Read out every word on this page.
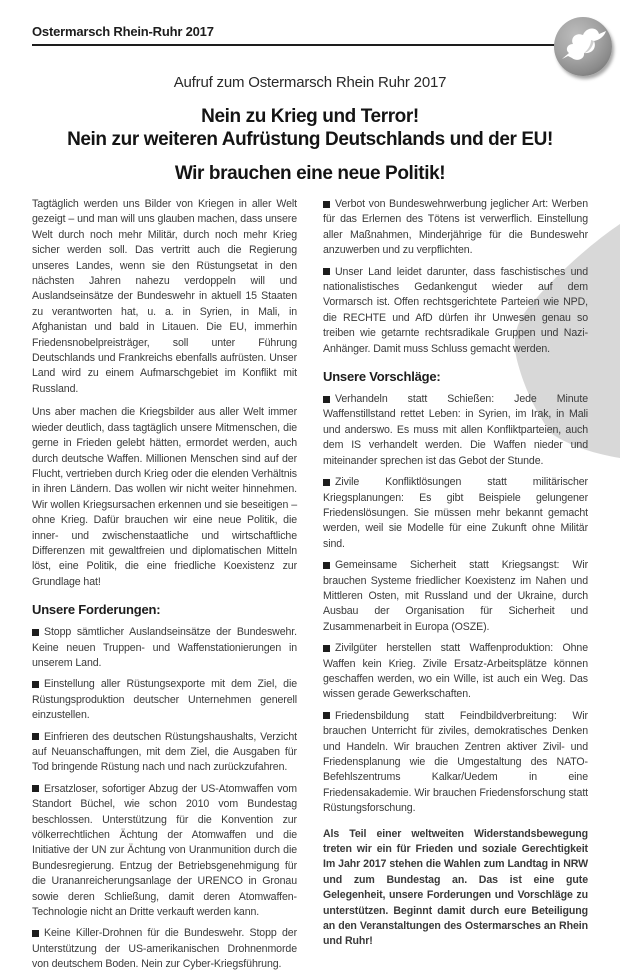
Ostermarsch Rhein-Ruhr 2017
Aufruf zum Ostermarsch Rhein Ruhr 2017
Nein zu Krieg und Terror!
Nein zur weiteren Aufrüstung Deutschlands und der EU!
Wir brauchen eine neue Politik!

Tagtäglich werden uns Bilder von Kriegen in aller Welt gezeigt – und man will uns glauben machen, dass unsere Welt durch noch mehr Militär, durch noch mehr Krieg sicher werden soll. Das vertritt auch die Regierung unseres Landes, wenn sie den Rüstungsetat in den nächsten Jahren nahezu verdoppeln will und Auslandseinsätze der Bundeswehr in aktuell 15 Staaten zu verantworten hat, u. a. in Syrien, in Mali, in Afghanistan und bald in Litauen. Die EU, immerhin Friedensnobelpreisträger, soll unter Führung Deutschlands und Frankreichs ebenfalls aufrüsten. Unser Land wird zu einem Aufmarschgebiet im Konflikt mit Russland.

Uns aber machen die Kriegsbilder aus aller Welt immer wieder deutlich, dass tagtäglich unsere Mitmenschen, die gerne in Frieden gelebt hätten, ermordet werden, auch durch deutsche Waffen. Millionen Menschen sind auf der Flucht, vertrieben durch Krieg oder die elenden Verhältnis in ihren Ländern. Das wollen wir nicht weiter hinnehmen. Wir wollen Kriegsursachen erkennen und sie beseitigen – ohne Krieg. Dafür brauchen wir eine neue Politik, die inner- und zwischenstaatliche und wirtschaftliche Differenzen mit gewaltfreien und diplomatischen Mitteln löst, eine Politik, die eine friedliche Koexistenz zur Grundlage hat!

Unsere Forderungen:

Stopp sämtlicher Auslandseinsätze der Bundeswehr. Keine neuen Truppen- und Waffenstationierungen in unserem Land.

Einstellung aller Rüstungsexporte mit dem Ziel, die Rüstungsproduktion deutscher Unternehmen generell einzustellen.

Einfrieren des deutschen Rüstungshaushalts, Verzicht auf Neuanschaffungen, mit dem Ziel, die Ausgaben für Tod bringende Rüstung nach und nach zurückzufahren.

Ersatzloser, sofortiger Abzug der US-Atomwaffen vom Standort Büchel, wie schon 2010 vom Bundestag beschlossen. Unterstützung für die Konvention zur völkerrechtlichen Ächtung der Atomwaffen und die Initiative der UN zur Ächtung von Uranmunition durch die Bundesregierung. Entzug der Betriebsgenehmigung für die Urananreicherungsanlage der URENCO in Gronau sowie deren Schließung, damit deren Atomwaffen-Technologie nicht an Dritte verkauft werden kann.

Keine Killer-Drohnen für die Bundeswehr. Stopp der Unterstützung der US-amerikanischen Drohnenmorde von deutschem Boden. Nein zur Cyber-Kriegsführung.

Verbot von Bundeswehrwerbung jeglicher Art: Werben für das Erlernen des Tötens ist verwerflich. Einstellung aller Maßnahmen, Minderjährige für die Bundeswehr anzuwerben und zu verpflichten.

Unser Land leidet darunter, dass faschistisches und nationalistisches Gedankengut wieder auf dem Vormarsch ist. Offen rechtsgerichtete Parteien wie NPD, die RECHTE und AfD dürfen ihr Unwesen genau so treiben wie getarnte rechtsradikale Gruppen und Nazi-Anhänger. Damit muss Schluss gemacht werden.

Unsere Vorschläge:

Verhandeln statt Schießen: Jede Minute Waffenstillstand rettet Leben: in Syrien, im Irak, in Mali und anderswo. Es muss mit allen Konfliktparteien, auch dem IS verhandelt werden. Die Waffen nieder und miteinander sprechen ist das Gebot der Stunde.

Zivile Konfliktlösungen statt militärischer Kriegsplanungen: Es gibt Beispiele gelungener Friedenslösungen. Sie müssen mehr bekannt gemacht werden, weil sie Modelle für eine Zukunft ohne Militär sind.

Gemeinsame Sicherheit statt Kriegsangst: Wir brauchen Systeme friedlicher Koexistenz im Nahen und Mittleren Osten, mit Russland und der Ukraine, durch Ausbau der Organisation für Sicherheit und Zusammenarbeit in Europa (OSZE).

Zivilgüter herstellen statt Waffenproduktion: Ohne Waffen kein Krieg. Zivile Ersatz-Arbeitsplätze können geschaffen werden, wo ein Wille, ist auch ein Weg. Das wissen gerade Gewerkschaften.

Friedensbildung statt Feindbildverbreitung: Wir brauchen Unterricht für ziviles, demokratisches Denken und Handeln. Wir brauchen Zentren aktiver Zivil- und Friedensplanung wie die Umgestaltung des NATO-Befehlszentrums Kalkar/Uedem in eine Friedensakademie. Wir brauchen Friedensforschung statt Rüstungsforschung.

Als Teil einer weltweiten Widerstandsbewegung treten wir ein für Frieden und soziale Gerechtigkeit Im Jahr 2017 stehen die Wahlen zum Landtag in NRW und zum Bundestag an. Das ist eine gute Gelegenheit, unsere Forderungen und Vorschläge zu unterstützen. Beginnt damit durch eure Beteiligung an den Veranstaltungen des Ostermarsches an Rhein und Ruhr!
